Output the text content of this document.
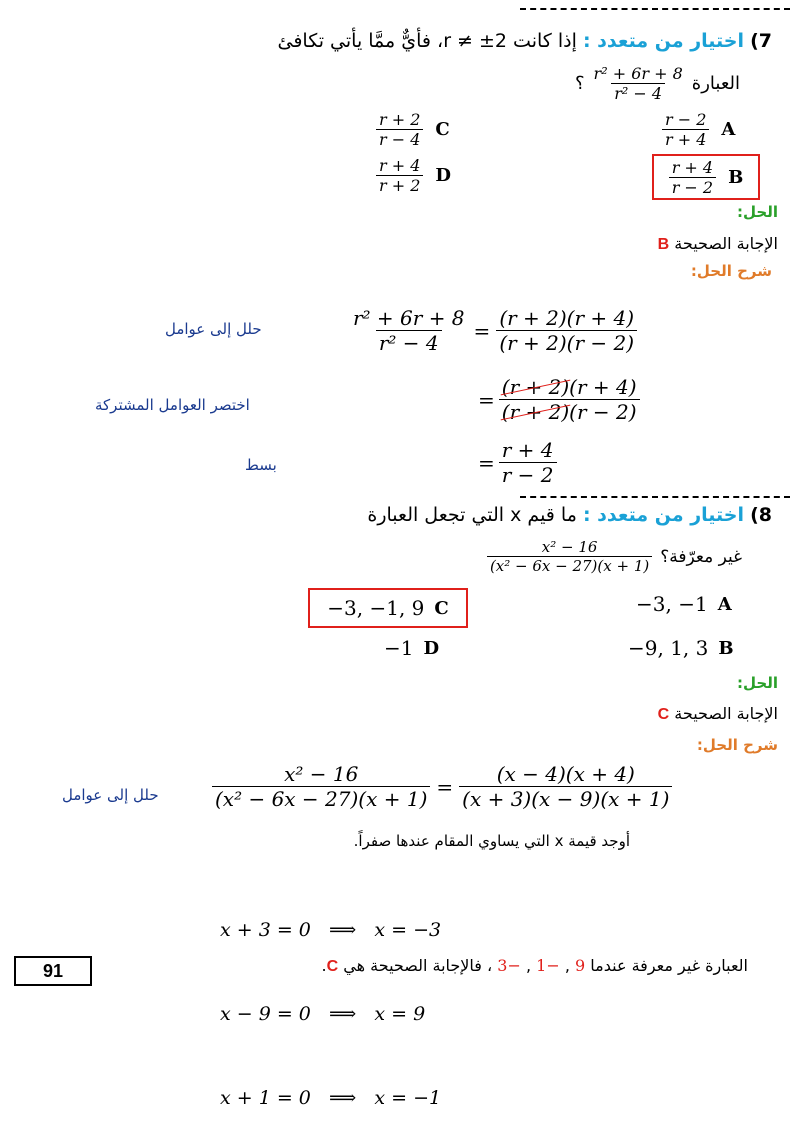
7) اختيار من متعدد : إذا كانت r ≠ ±2، فأيٌّ ممَّا يأتي تكافئ
العبارة
$\frac{\text{r² + 6r + 8}}{\text{r² − 4}}$
؟
$\frac{r - 2}{r + 4}$ A
$\frac{r + 2}{r - 4}$ C
$\frac{r + 4}{r - 2}$ B
$\frac{r + 4}{r + 2}$ D
الحل:
الإجابة الصحيحة B
شرح الحل:
حلل إلى عوامل	$\frac{\text{r² + 6r + 8}}{\text{r² − 4}} = \frac{(r + 2)(r + 4)}{(r + 2)(r - 2)}$
اختصر العوامل المشتركة	= $\frac{(r + 2)(r + 4)}{(r + 2)(r - 2)}$
بسط	= $\frac{r + 4}{r - 2}$
8) اختيار من متعدد : ما قيم x التي تجعل العبارة
غير معرّفة؟
$\frac{\text{x² − 16}}{\text{(x² − 6x − 27)(x + 1)}}$
−3, −1, 9 C	−3, −1 A
−1 D	−9, 1, 3 B
الحل:
الإجابة الصحيحة C
شرح الحل:
حلل إلى عوامل	$\frac{\text{x² − 16}}{\text{(x² − 6x − 27)(x + 1)}} = \frac{(x - 4)(x + 4)}{(x + 3)(x - 9)(x + 1)}$
أوجد قيمة x التي يساوي المقام عندها صفراً.

x + 3 = 0   ⟹   x = −3

x − 9 = 0   ⟹   x = 9

x + 1 = 0   ⟹   x = −1

العبارة غير معرفة عندما 9 , −1 , −3 ، فالإجابة الصحيحة هي C.
91
